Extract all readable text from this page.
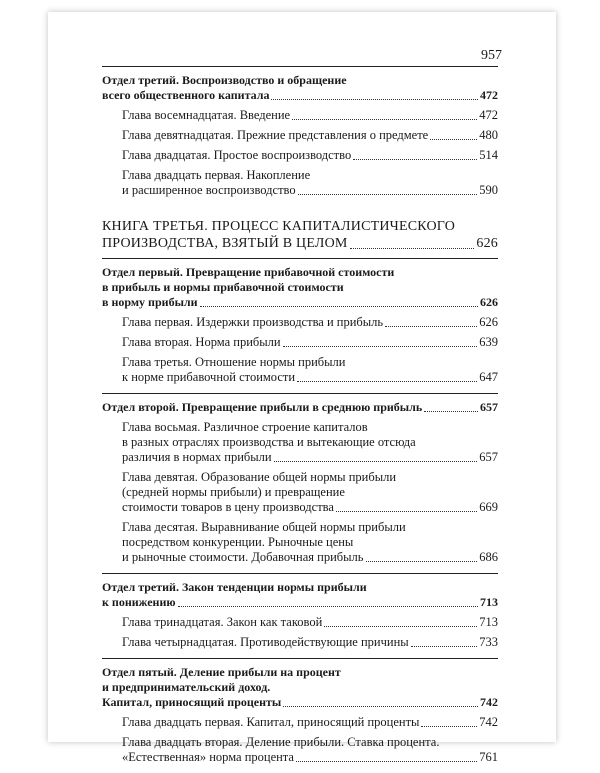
957
Отдел третий. Воспроизводство и обращение
всего общественного капитала	472
Глава восемнадцатая. Введение	472
Глава девятнадцатая. Прежние представления о предмете	480
Глава двадцатая. Простое воспроизводство	514
Глава двадцать первая. Накопление
и расширенное воспроизводство	590
КНИГА ТРЕТЬЯ. ПРОЦЕСС КАПИТАЛИСТИЧЕСКОГО
ПРОИЗВОДСТВА, ВЗЯТЫЙ В ЦЕЛОМ	626
Отдел первый. Превращение прибавочной стоимости
в прибыль и нормы прибавочной стоимости
в норму прибыли	626
Глава первая. Издержки производства и прибыль	626
Глава вторая. Норма прибыли	639
Глава третья. Отношение нормы прибыли
к норме прибавочной стоимости	647
Отдел второй. Превращение прибыли в среднюю прибыль	657
Глава восьмая. Различное строение капиталов
в разных отраслях производства и вытекающие отсюда
различия в нормах прибыли	657
Глава девятая. Образование общей нормы прибыли
(средней нормы прибыли) и превращение
стоимости товаров в цену производства	669
Глава десятая. Выравнивание общей нормы прибыли
посредством конкуренции. Рыночные цены
и рыночные стоимости. Добавочная прибыль	686
Отдел третий. Закон тенденции нормы прибыли
к понижению	713
Глава тринадцатая. Закон как таковой	713
Глава четырнадцатая. Противодействующие причины	733
Отдел пятый. Деление прибыли на процент
и предпринимательский доход.
Капитал, приносящий проценты	742
Глава двадцать первая. Капитал, приносящий проценты	742
Глава двадцать вторая. Деление прибыли. Ставка процента.
«Естественная» норма процента	761
